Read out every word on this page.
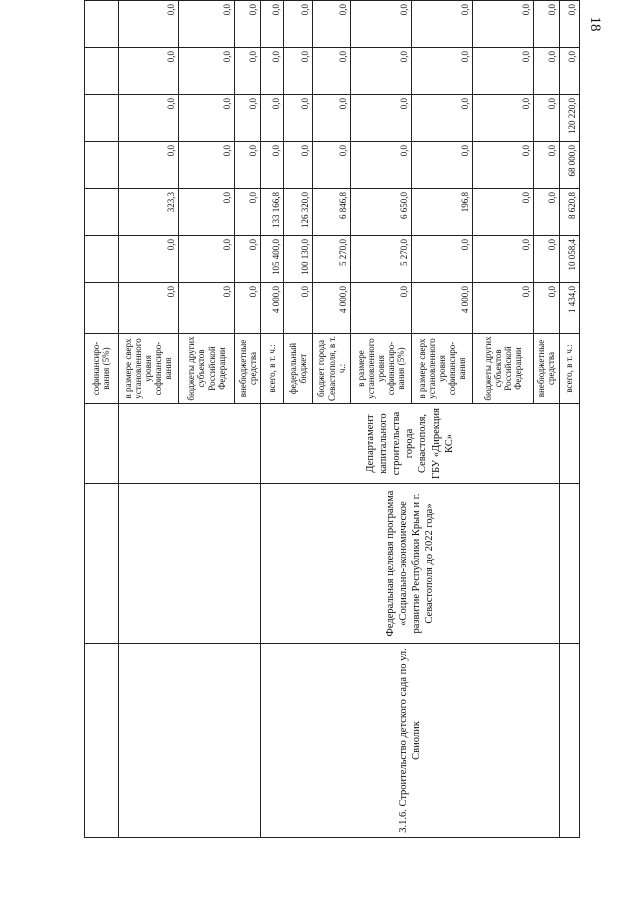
18
			софинансиро-вания (5%)								
			в размере сверх установленного уровня софинансиро-вания	0,0	0,0	323,3	0,0	0,0	0,0	0,0	
			бюджеты других субъектов Российской Федерации	0,0	0,0	0,0	0,0	0,0	0,0	0,0	
			внебюджетные средства	0,0	0,0	0,0	0,0	0,0	0,0	0,0	
3.1.6. Строительство детского сада по ул. Свиолик	Федеральная целевая программа «Социально-экономическое развитие Республики Крым и г. Севастополя до 2022 года»	Департамент капитального строительства города Севастополя, ГБУ «Дирекция КС»	всего, в т. ч.:	4 000,0	105 400,0	133 166,8	0,0	0,0	0,0	0,0	
			федеральный бюджет	0,0	100 130,0	126 320,0	0,0	0,0	0,0	0,0	
			бюджет города Севастополя, в т. ч.:	4 000,0	5 270,0	6 846,8	0,0	0,0	0,0	0,0	
			в размере установленного уровня софинансиро-вания (5%)	0,0	5 270,0	6 650,0	0,0	0,0	0,0	0,0	
			в размере сверх установленного уровня софинансиро-вания	4 000,0	0,0	196,8	0,0	0,0	0,0	0,0	
			бюджеты других субъектов Российской Федерации	0,0	0,0	0,0	0,0	0,0	0,0	0,0	
			внебюджетные средства	0,0	0,0	0,0	0,0	0,0	0,0	0,0	
			всего, в т. ч.:	1 434,0	10 058,4	8 620,8	68 000,0	120 220,0	0,0	0,0	
